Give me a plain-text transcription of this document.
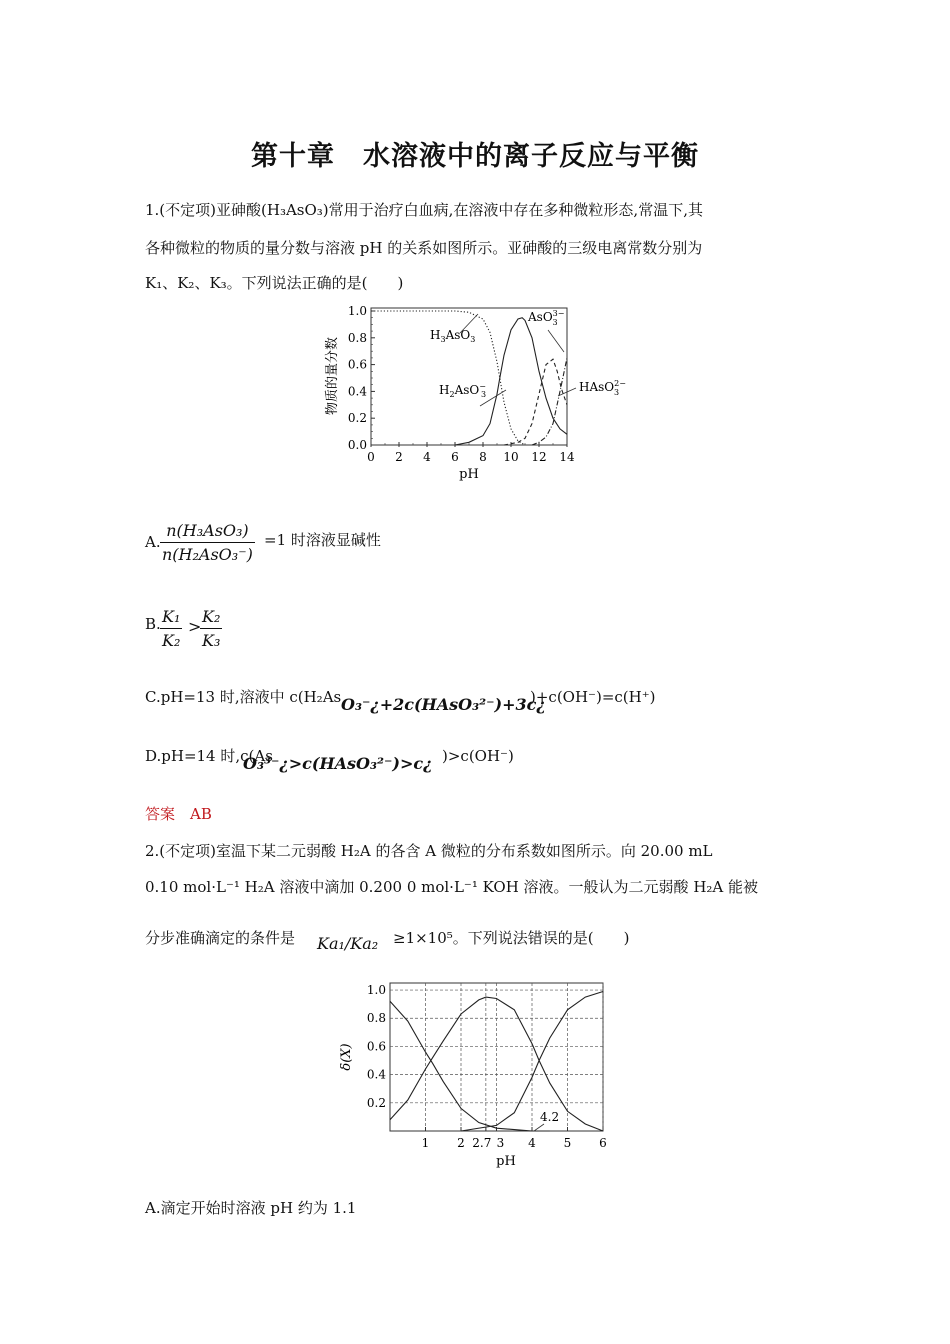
第十章　水溶液中的离子反应与平衡
1.(不定项)亚砷酸(H₃AsO₃)常用于治疗白血病,在溶液中存在多种微粒形态,常温下,其
各种微粒的物质的量分数与溶液 pH 的关系如图所示。亚砷酸的三级电离常数分别为
K₁、K₂、K₃。下列说法正确的是(　　)
0.0
0.2
0.4
0.6
0.8
1.0
0 2 4 6 8 10 12 14
物质的量分数
pH
$H_3AsO_3$
$H_2AsO^-$ 3
AsO$^{3-}$ 3
HAsO$^{2-}$ 3
A.
n(H₃AsO₃)
n(H₂AsO₃⁻)
=1 时溶液显碱性
B. $\frac{\text{K₁}}{\text{K₂}}$ >
$\frac{\text{K₂}}{\text{K₃}}$
C.pH=13 时,溶液中 c(H₂As O₃⁻¿+2c(HAsO₃²⁻)+3c¿
)+c(OH⁻)=c(H⁺)
D.pH=14 时,c(As
O₃³⁻¿>c(HAsO₃²⁻)>c¿ )>c(OH⁻)
答案　AB
2.(不定项)室温下某二元弱酸 H₂A 的各含 A 微粒的分布系数如图所示。向 20.00 mL
0.10 mol·L⁻¹ H₂A 溶液中滴加 0.200 0 mol·L⁻¹ KOH 溶液。一般认为二元弱酸 H₂A 能被
分步准确滴定的条件是 Ka₁/Ka₂ ≥1×10⁵。下列说法错误的是(　　)
0.2
0.4
0.6
0.8
1.0
1 2 2.7 3 4 5 6
δ(X)
pH
4.2
A.滴定开始时溶液 pH 约为 1.1
